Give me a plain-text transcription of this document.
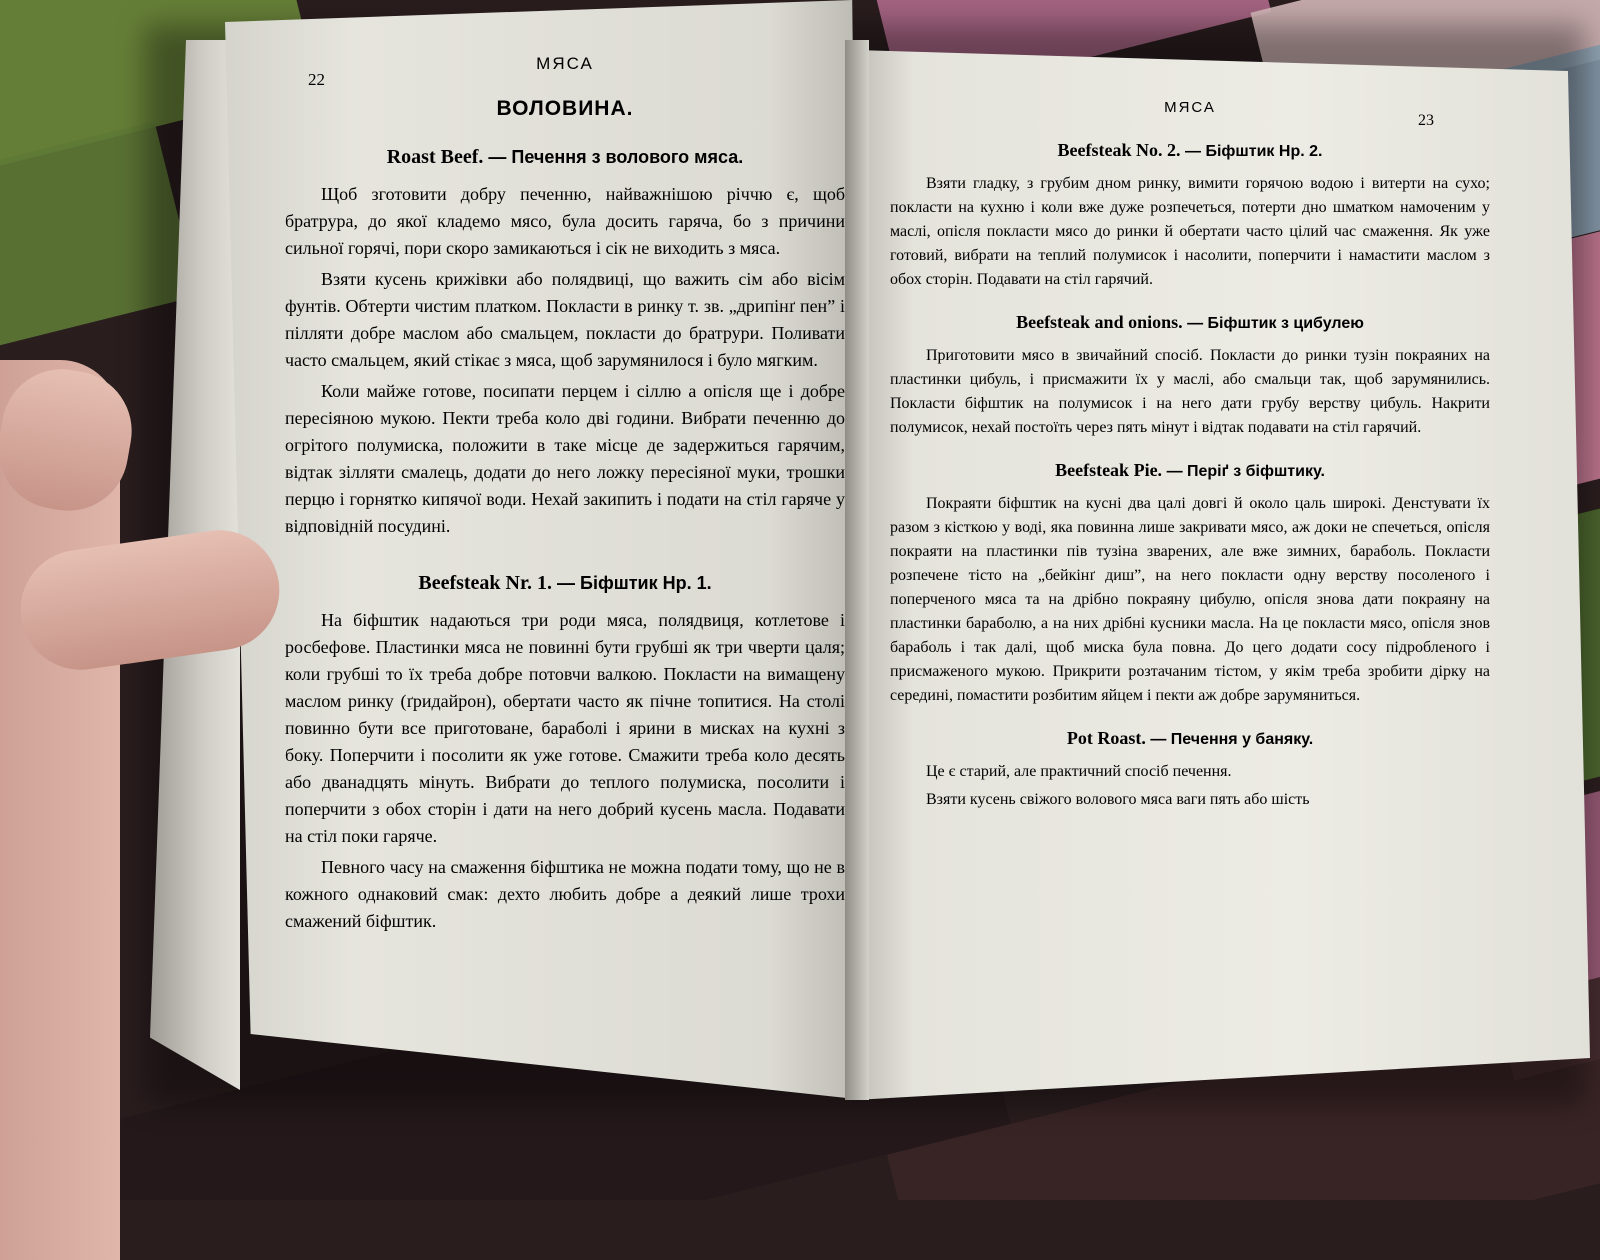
22
МЯСА
ВОЛОВИНА.
Roast Beef. — Печення з волового мяса.

Щоб зготовити добру печенню, найважнішою річчю є, щоб братрура, до якої кладемо мясо, була досить гаряча, бо з причини сильної горячі, пори скоро замикаються і сік не виходить з мяса.

Взяти кусень крижівки або полядвиці, що важить сім або вісім фунтів. Обтерти чистим платком. Покласти в ринку т. зв. „дрипінґ пен” і пілляти добре маслом або смальцем, покласти до братрури. Поливати часто смальцем, який стікає з мяса, щоб зарумянилося і було мягким.

Коли майже готове, посипати перцем і сіллю а опісля ще і добре пересіяною мукою. Пекти треба коло дві години. Вибрати печенню до огрітого полумиска, положити в таке місце де задержиться гарячим, відтак зілляти смалець, додати до него ложку пересіяної муки, трошки перцю і горнятко кипячої води. Нехай закипить і подати на стіл гаряче у відповідній посудині.

Beefsteak Nr. 1. — Біфштик Нр. 1.

На біфштик надаються три роди мяса, полядвиця, котлетове і росбефове. Пластинки мяса не повинні бути грубші як три чверти цаля; коли грубші то їх треба добре потовчи валкою. Покласти на вимащену маслом ринку (ґридайрон), обертати часто як пічне топитися. На столі повинно бути все приготоване, бараболі і ярини в мисках на кухні з боку. Поперчити і посолити як уже готове. Смажити треба коло десять або дванадцять мінуть. Вибрати до теплого полумиска, посолити і поперчити з обох сторін і дати на него добрий кусень масла. Подавати на стіл поки гаряче.

Певного часу на смаження біфштика не можна подати тому, що не в кожного однаковий смак: дехто любить добре а деякий лише трохи смажений біфштик.

23
МЯСА
Beefsteak No. 2. — Біфштик Нр. 2.

Взяти гладку, з грубим дном ринку, вимити горячою водою і витерти на сухо; покласти на кухню і коли вже дуже розпечеться, потерти дно шматком намоченим у маслі, опісля покласти мясо до ринки й обертати часто цілий час смаження. Як уже готовий, вибрати на теплий полумисок і насолити, поперчити і намастити маслом з обох сторін. Подавати на стіл гарячий.

Beefsteak and onions. — Біфштик з цибулею

Приготовити мясо в звичайний спосіб. Покласти до ринки тузін покраяних на пластинки цибуль, і присмажити їх у маслі, або смальци так, щоб зарумянились. Покласти біфштик на полумисок і на него дати грубу верству цибуль. Накрити полумисок, нехай постоїть через пять мінут і відтак подавати на стіл гарячий.

Beefsteak Pie. — Періґ з біфштику.

Покраяти біфштик на кусні два цалі довгі й около цаль широкі. Денстувати їх разом з кісткою у воді, яка повинна лише закривати мясо, аж доки не спечеться, опісля покраяти на пластинки пів тузіна зварених, але вже зимних, бараболь. Покласти розпечене тісто на „бейкінґ диш”, на него покласти одну верству посоленого і поперченого мяса та на дрібно покраяну цибулю, опісля знова дати покраяну на пластинки бараболю, а на них дрібні кусники масла. На це покласти мясо, опісля знов бараболь і так далі, щоб миска була повна. До цего додати сосу підробленого і присмаженого мукою. Прикрити розтачаним тістом, у якім треба зробити дірку на середині, помастити розбитим яйцем і пекти аж добре зарумяниться.

Pot Roast. — Печення у баняку.

Це є старий, але практичний спосіб печення.

Взяти кусень свіжого волового мяса ваги пять або шість
